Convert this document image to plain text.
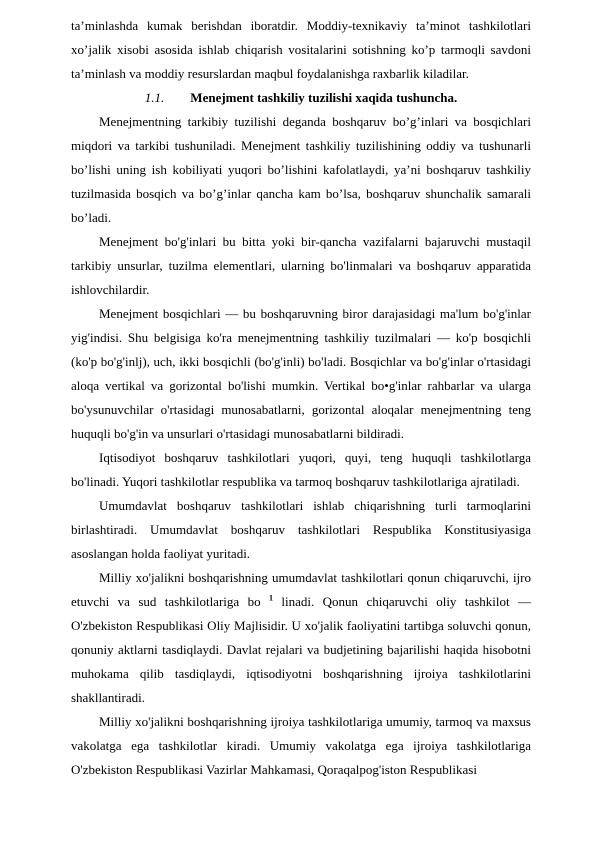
ta’minlashda kumak berishdan iboratdir. Moddiy-texnikaviy ta’minot tashkilotlari xo’jalik xisobi asosida ishlab chiqarish vositalarini sotishning ko’p tarmoqli savdoni ta’minlash va moddiy resurslardan maqbul foydalanishga raxbarlik kiladilar.

1.1. Menejment tashkiliy tuzilishi xaqida tushuncha.

Menejmentning tarkibiy tuzilishi deganda boshqaruv bo’g’inlari va bosqichlari miqdori va tarkibi tushuniladi. Menejment tashkiliy tuzilishining oddiy va tushunarli bo’lishi uning ish kobiliyati yuqori bo’lishini kafolatlaydi, ya’ni boshqaruv tashkiliy tuzilmasida bosqich va bo’g’inlar qancha kam bo’lsa, boshqaruv shunchalik samarali bo’ladi.

Menejment bo'g'inlari bu bitta yoki bir-qancha vazifalarni bajaruvchi mustaqil tarkibiy unsurlar, tuzilma elementlari, ularning bo'linmalari va boshqaruv apparatida ishlovchilardir.

Menejment bosqichlari — bu boshqaruvning biror darajasidagi ma'lum bo'g'inlar yig'indisi. Shu belgisiga ko'ra menejmentning tashkiliy tuzilmalari — ko'p bosqichli (ko'p bo'g'inlj), uch, ikki bosqichli (bo'g'inli) bo'ladi. Bosqichlar va bo'g'inlar o'rtasidagi aloqa vertikal va gorizontal bo'lishi mumkin. Vertikal bo•g'inlar rahbarlar va ularga bo'ysunuvchilar o'rtasidagi munosabatlarni, gorizontal aloqalar menejmentning teng huquqli bo'g'in va unsurlari o'rtasidagi munosabatlarni bildiradi.

Iqtisodiyot boshqaruv tashkilotlari yuqori, quyi, teng huquqli tashkilotlarga bo'linadi. Yuqori tashkilotlar respublika va tarmoq boshqaruv tashkilotlariga ajratiladi.

Umumdavlat boshqaruv tashkilotlari ishlab chiqarishning turli tarmoqlarini birlashtiradi. Umumdavlat boshqaruv tashkilotlari Respublika Konstitusiyasiga asoslangan holda faoliyat yuritadi.

Milliy xo'jalikni boshqarishning umumdavlat tashkilotlari qonun chiqaruvchi, ijro etuvchi va sud tashkilotlariga bo $^1$ linadi. Qonun chiqaruvchi oliy tashkilot — O'zbekiston Respublikasi Oliy Majlisidir. U xo'jalik faoliyatini tartibga soluvchi qonun, qonuniy aktlarni tasdiqlaydi. Davlat rejalari va budjetining bajarilishi haqida hisobotni muhokama qilib tasdiqlaydi, iqtisodiyotni boshqarishning ijroiya tashkilotlarini shakllantiradi.

Milliy xo'jalikni boshqarishning ijroiya tashkilotlariga umumiy, tarmoq va maxsus vakolatga ega tashkilotlar kiradi. Umumiy vakolatga ega ijroiya tashkilotlariga O'zbekiston Respublikasi Vazirlar Mahkamasi, Qoraqalpog'iston Respublikasi
